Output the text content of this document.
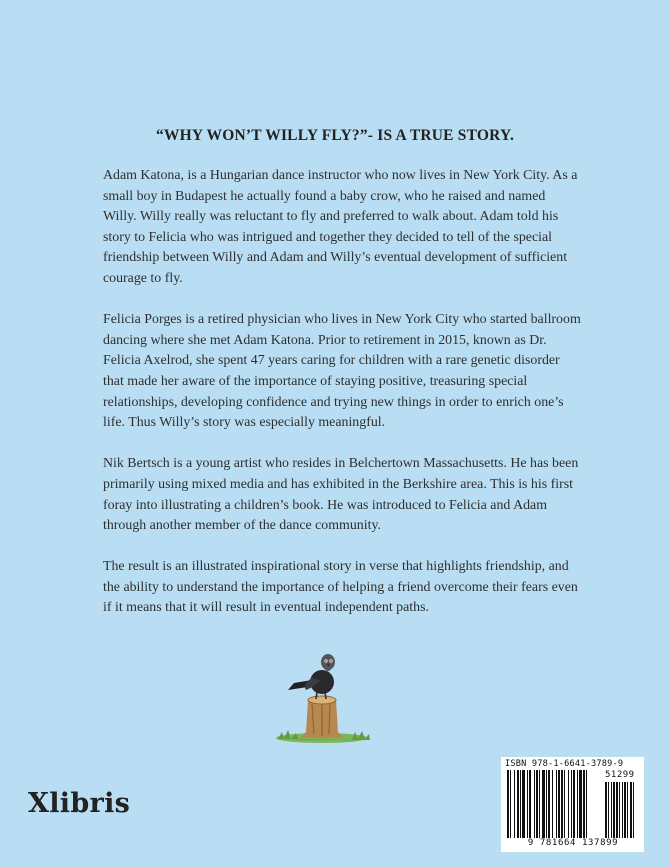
“WHY WON’T WILLY FLY?”- IS A TRUE STORY.

Adam Katona, is a Hungarian dance instructor who now lives in New York City. As a small boy in Budapest he actually found a baby crow, who he raised and named Willy. Willy really was reluctant to fly and preferred to walk about. Adam told his story to Felicia who was intrigued and together they decided to tell of the special friendship between Willy and Adam and Willy’s eventual development of sufficient courage to fly.

Felicia Porges is a retired physician who lives in New York City who started ballroom dancing where she met Adam Katona. Prior to retirement in 2015, known as Dr. Felicia Axelrod, she spent 47 years caring for children with a rare genetic disorder that made her aware of the importance of staying positive, treasuring special relationships, developing confidence and trying new things in order to enrich one’s life. Thus Willy’s story was especially meaningful.

Nik Bertsch is a young artist who resides in Belchertown Massachusetts. He has been primarily using mixed media and has exhibited in the Berkshire area. This is his first foray into illustrating a children’s book. He was introduced to Felicia and Adam through another member of the dance community.

The result is an illustrated inspirational story in verse that highlights friendship, and the ability to understand the importance of helping a friend overcome their fears even if it means that it will result in eventual independent paths.

Xlibris
ISBN 978-1-6641-3789-9
51299
9 781664 137899
